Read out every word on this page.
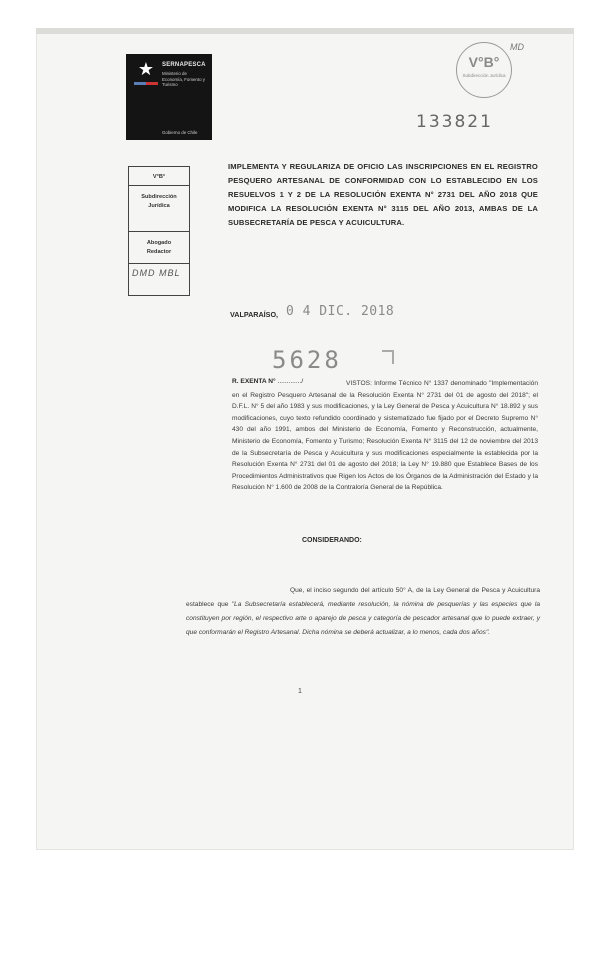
★	SERNAPESCA
Ministerio de Economía, Fomento y Turismo
Gobierno de Chile
V°B°
Subdirección Jurídica
MD
133821
IMPLEMENTA Y REGULARIZA DE OFICIO LAS INSCRIPCIONES EN EL REGISTRO PESQUERO ARTESANAL DE CONFORMIDAD CON LO ESTABLECIDO EN LOS RESUELVOS 1 Y 2 DE LA RESOLUCIÓN EXENTA N° 2731 DEL AÑO 2018 QUE MODIFICA LA RESOLUCIÓN EXENTA N° 3115 DEL AÑO 2013, AMBAS DE LA SUBSECRETARÍA DE PESCA Y ACUICULTURA.
V°B°
Subdirección
Jurídica
Abogado
Redactor
DMD MBL
VALPARAÍSO, 0 4 DIC. 2018
5628
VISTOS: Informe Técnico N° 1337 denominado "Implementación en el Registro Pesquero Artesanal de la Resolución Exenta N° 2731 del 01 de agosto del 2018"; el D.F.L. N° 5 del año 1983 y sus modificaciones, y la Ley General de Pesca y Acuicultura N° 18.892 y sus modificaciones, cuyo texto refundido coordinado y sistematizado fue fijado por el Decreto Supremo N° 430 del año 1991, ambos del Ministerio de Economía, Fomento y Reconstrucción, actualmente, Ministerio de Economía, Fomento y Turismo; Resolución Exenta N° 3115 del 12 de noviembre del 2013 de la Subsecretaría de Pesca y Acuicultura y sus modificaciones especialmente la establecida por la Resolución Exenta N° 2731 del 01 de agosto del 2018; la Ley N° 19.880 que Establece Bases de los Procedimientos Administrativos que Rigen los Actos de los Órganos de la Administración del Estado y la Resolución N° 1.600 de 2008 de la Contraloría General de la República.
R. EXENTA N° ............./
CONSIDERANDO:
Que, el inciso segundo del artículo 50° A, de la Ley General de Pesca y Acuicultura establece que "La Subsecretaría establecerá, mediante resolución, la nómina de pesquerías y las especies que la constituyen por región, el respectivo arte o aparejo de pesca y categoría de pescador artesanal que lo puede extraer, y que conformarán el Registro Artesanal. Dicha nómina se deberá actualizar, a lo menos, cada dos años".
1
